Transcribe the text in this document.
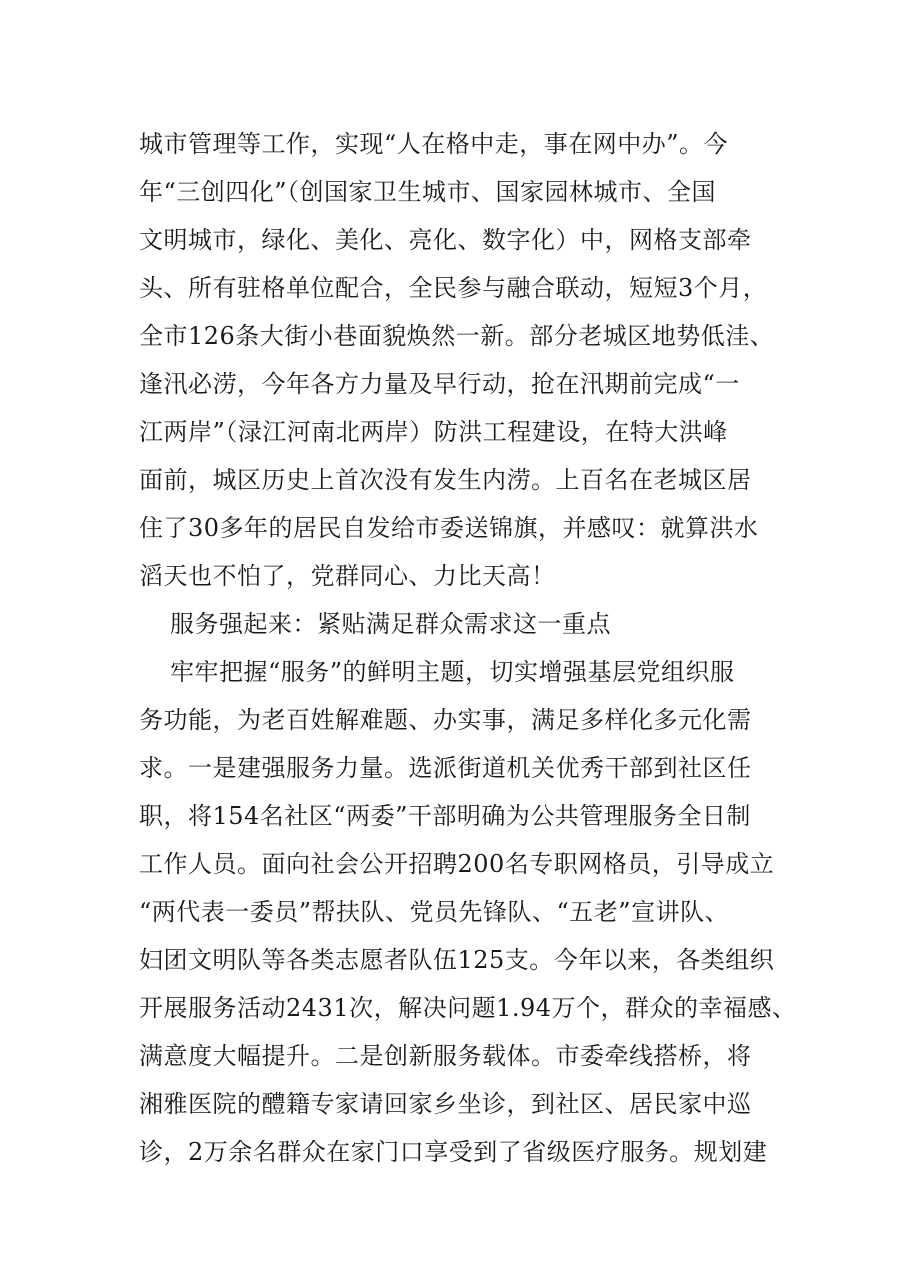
城市管理等工作，实现“人在格中走，事在网中办”。今
年“三创四化”（创国家卫生城市、国家园林城市、全国
文明城市，绿化、美化、亮化、数字化）中，网格支部牵
头、所有驻格单位配合，全民参与融合联动，短短3个月，
全市126条大街小巷面貌焕然一新。部分老城区地势低洼、
逢汛必涝，今年各方力量及早行动，抢在汛期前完成“一
江两岸”（渌江河南北两岸）防洪工程建设，在特大洪峰
面前，城区历史上首次没有发生内涝。上百名在老城区居
住了30多年的居民自发给市委送锦旗，并感叹：就算洪水
滔天也不怕了，党群同心、力比天高！
服务强起来：紧贴满足群众需求这一重点
牢牢把握“服务”的鲜明主题，切实增强基层党组织服
务功能，为老百姓解难题、办实事，满足多样化多元化需
求。一是建强服务力量。选派街道机关优秀干部到社区任
职，将154名社区“两委”干部明确为公共管理服务全日制
工作人员。面向社会公开招聘200名专职网格员，引导成立
“两代表一委员”帮扶队、党员先锋队、“五老”宣讲队、
妇团文明队等各类志愿者队伍125支。今年以来，各类组织
开展服务活动2431次，解决问题1.94万个，群众的幸福感、
满意度大幅提升。二是创新服务载体。市委牵线搭桥，将
湘雅医院的醴籍专家请回家乡坐诊，到社区、居民家中巡
诊，2万余名群众在家门口享受到了省级医疗服务。规划建
